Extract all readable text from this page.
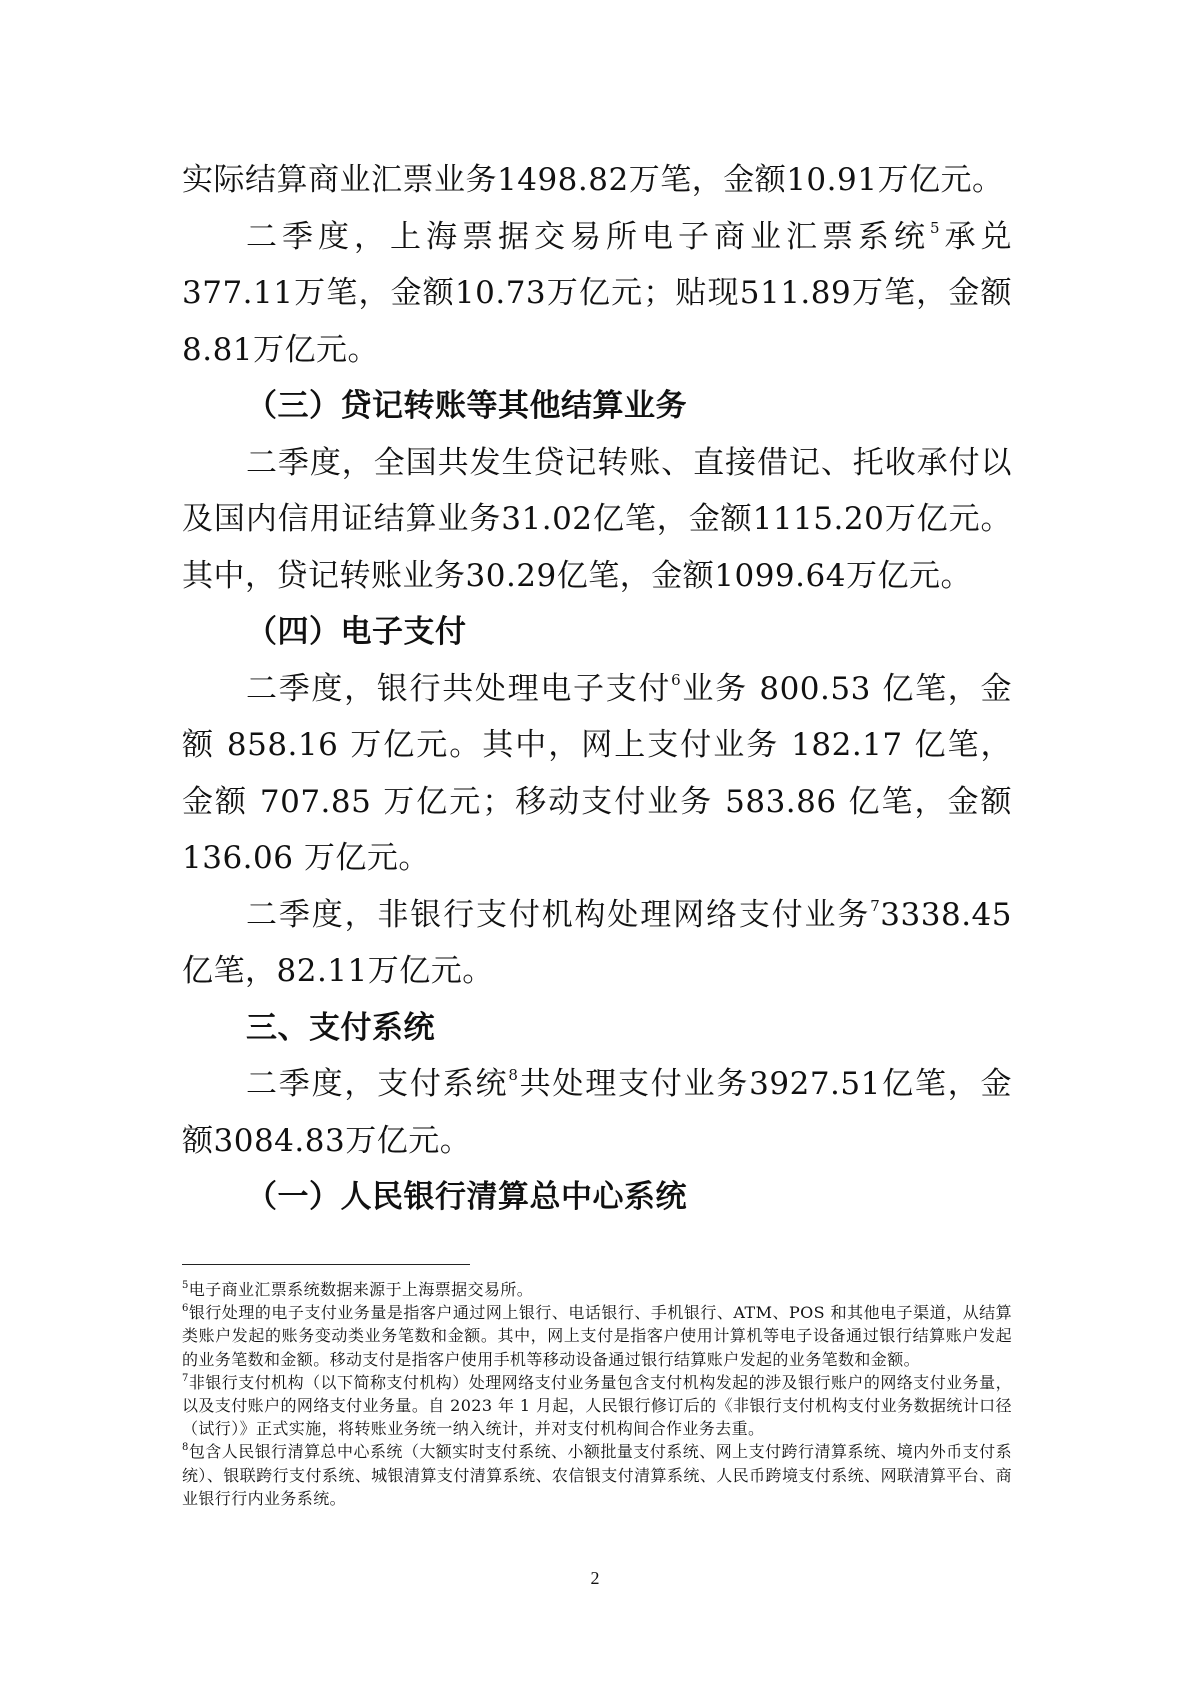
实际结算商业汇票业务1498.82万笔，金额10.91万亿元。

二季度，上海票据交易所电子商业汇票系统$^5$承兑377.11万笔，金额10.73万亿元；贴现511.89万笔，金额8.81万亿元。

（三）贷记转账等其他结算业务

二季度，全国共发生贷记转账、直接借记、托收承付以及国内信用证结算业务31.02亿笔，金额1115.20万亿元。其中，贷记转账业务30.29亿笔，金额1099.64万亿元。

（四）电子支付

二季度，银行共处理电子支付$^6$业务 800.53 亿笔，金额 858.16 万亿元。其中，网上支付业务 182.17 亿笔，金额 707.85 万亿元；移动支付业务 583.86 亿笔，金额 136.06 万亿元。

二季度，非银行支付机构处理网络支付业务$^7$3338.45亿笔，82.11万亿元。

三、支付系统

二季度，支付系统$^8$共处理支付业务3927.51亿笔，金额3084.83万亿元。

（一）人民银行清算总中心系统

$^5$电子商业汇票系统数据来源于上海票据交易所。

$^6$银行处理的电子支付业务量是指客户通过网上银行、电话银行、手机银行、ATM、POS 和其他电子渠道，从结算类账户发起的账务变动类业务笔数和金额。其中，网上支付是指客户使用计算机等电子设备通过银行结算账户发起的业务笔数和金额。移动支付是指客户使用手机等移动设备通过银行结算账户发起的业务笔数和金额。

$^7$非银行支付机构（以下简称支付机构）处理网络支付业务量包含支付机构发起的涉及银行账户的网络支付业务量，以及支付账户的网络支付业务量。自 2023 年 1 月起，人民银行修订后的《非银行支付机构支付业务数据统计口径（试行）》正式实施，将转账业务统一纳入统计，并对支付机构间合作业务去重。

$^8$包含人民银行清算总中心系统（大额实时支付系统、小额批量支付系统、网上支付跨行清算系统、境内外币支付系统）、银联跨行支付系统、城银清算支付清算系统、农信银支付清算系统、人民币跨境支付系统、网联清算平台、商业银行行内业务系统。

2
